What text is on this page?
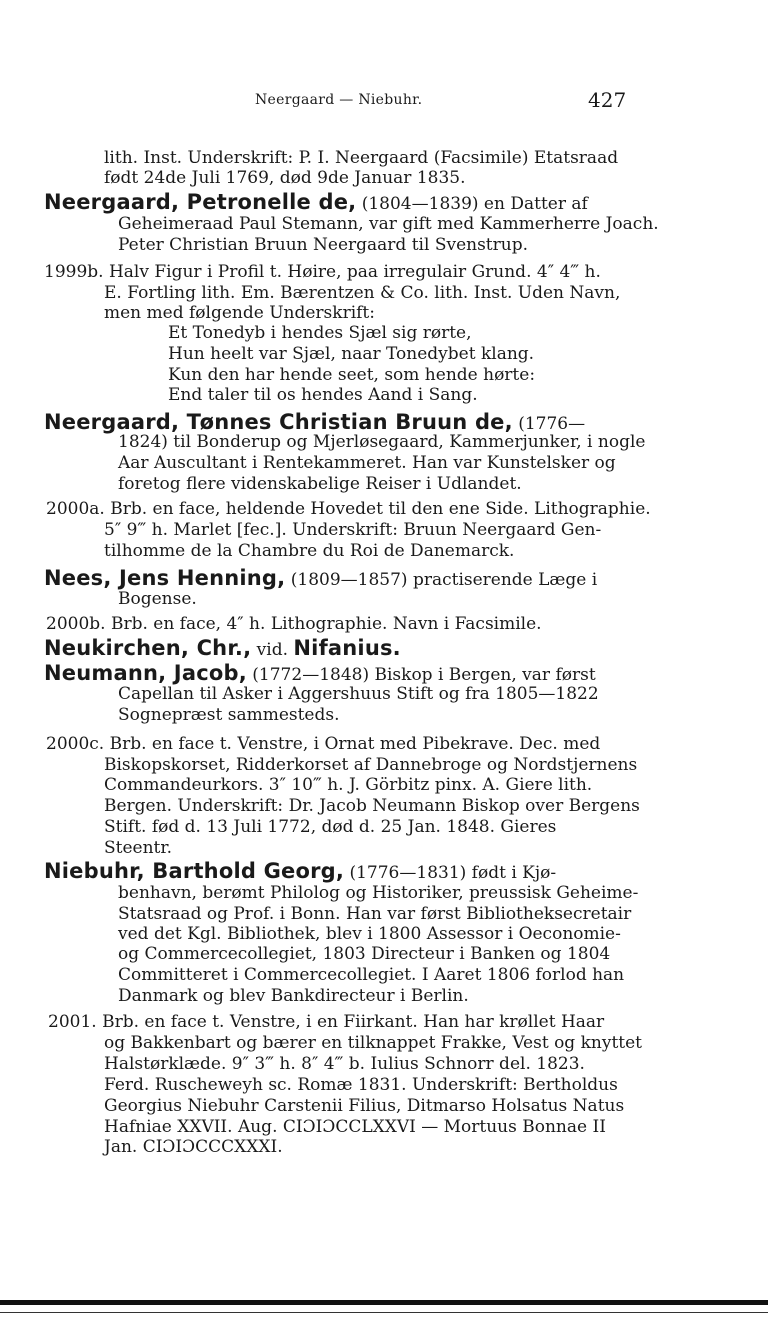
Neergaard — Niebuhr.	427
lith. Inst. Underskrift: P. I. Neergaard (Facsimile) Etatsraad
født 24de Juli 1769, død 9de Januar 1835.
Neergaard, Petronelle de, (1804—1839) en Datter af
Geheimeraad Paul Stemann, var gift med Kammerherre Joach.
Peter Christian Bruun Neergaard til Svenstrup.
1999b. Halv Figur i Profil t. Høire, paa irregulair Grund. 4″ 4‴ h.
E. Fortling lith. Em. Bærentzen & Co. lith. Inst. Uden Navn,
men med følgende Underskrift:
Et Tonedyb i hendes Sjæl sig rørte,
Hun heelt var Sjæl, naar Tonedybet klang.
Kun den har hende seet, som hende hørte:
End taler til os hendes Aand i Sang.
Neergaard, Tønnes Christian Bruun de, (1776—
1824) til Bonderup og Mjerløsegaard, Kammerjunker, i nogle
Aar Auscultant i Rentekammeret. Han var Kunstelsker og
foretog flere videnskabelige Reiser i Udlandet.
2000a. Brb. en face, heldende Hovedet til den ene Side. Lithographie.
5″ 9‴ h. Marlet [fec.]. Underskrift: Bruun Neergaard Gen-
tilhomme de la Chambre du Roi de Danemarck.
Nees, Jens Henning, (1809—1857) practiserende Læge i
Bogense.
2000b. Brb. en face, 4″ h. Lithographie. Navn i Facsimile.
Neukirchen, Chr., vid. Nifanius.
Neumann, Jacob, (1772—1848) Biskop i Bergen, var først
Capellan til Asker i Aggershuus Stift og fra 1805—1822
Sognepræst sammesteds.
2000c. Brb. en face t. Venstre, i Ornat med Pibekrave. Dec. med
Biskopskorset, Ridderkorset af Dannebroge og Nordstjernens
Commandeurkors. 3″ 10‴ h. J. Görbitz pinx. A. Giere lith.
Bergen. Underskrift: Dr. Jacob Neumann Biskop over Bergens
Stift. fød d. 13 Juli 1772, død d. 25 Jan. 1848. Gieres
Steentr.
Niebuhr, Barthold Georg, (1776—1831) født i Kjø-
benhavn, berømt Philolog og Historiker, preussisk Geheime-
Statsraad og Prof. i Bonn. Han var først Bibliotheksecretair
ved det Kgl. Bibliothek, blev i 1800 Assessor i Oeconomie-
og Commercecollegiet, 1803 Directeur i Banken og 1804
Committeret i Commercecollegiet. I Aaret 1806 forlod han
Danmark og blev Bankdirecteur i Berlin.
2001. Brb. en face t. Venstre, i en Fiirkant. Han har krøllet Haar
og Bakkenbart og bærer en tilknappet Frakke, Vest og knyttet
Halstørklæde. 9″ 3‴ h. 8″ 4‴ b. Iulius Schnorr del. 1823.
Ferd. Ruscheweyh sc. Romæ 1831. Underskrift: Bertholdus
Georgius Niebuhr Carstenii Filius, Ditmarso Holsatus Natus
Hafniae XXVII. Aug. CIƆIƆCCLXXVI — Mortuus Bonnae II
Jan. CIƆIƆCCCXXXI.
